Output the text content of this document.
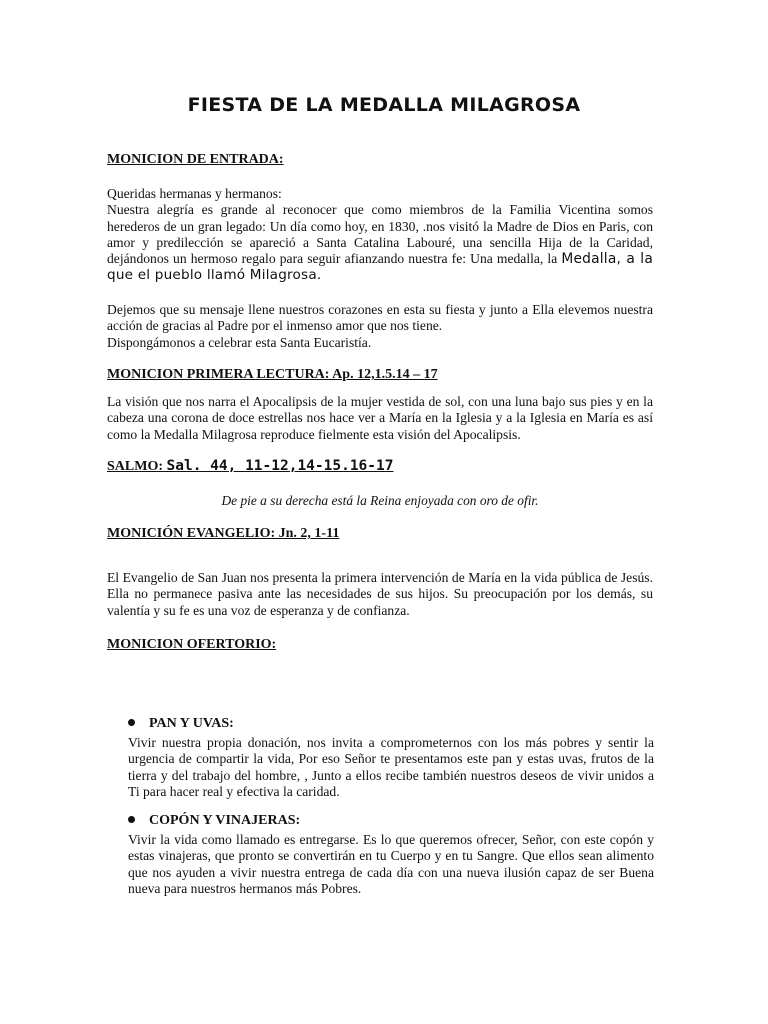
FIESTA DE LA MEDALLA MILAGROSA

MONICION DE ENTRADA:

Queridas hermanas y hermanos:

Nuestra alegría es grande al reconocer que como miembros de la Familia Vicentina somos

herederos de un gran legado: Un día como hoy, en 1830, .nos visitó la Madre de Dios en Paris, con

amor y predilección se apareció a Santa Catalina Labouré, una sencilla Hija de la Caridad,

dejándonos un hermoso regalo para seguir afianzando nuestra fe: Una medalla, la Medalla, a la

que el pueblo llamó Milagrosa.

Dejemos que su mensaje llene nuestros corazones en esta su fiesta y junto a Ella elevemos nuestra

acción de gracias al Padre por el inmenso amor que nos tiene.

Dispongámonos a celebrar esta Santa Eucaristía.

MONICION PRIMERA LECTURA: Ap. 12,1.5.14 – 17

La visión que nos narra el Apocalipsis de la mujer vestida de sol, con una luna bajo sus pies y en la

cabeza una corona de doce estrellas nos hace ver a María en la Iglesia y a la Iglesia en María es así

como la Medalla Milagrosa reproduce fielmente esta visión del Apocalipsis.

SALMO: Sal. 44, 11-12,14-15.16-17

De pie a su derecha está la Reina enjoyada con oro de ofir.

MONICIÓN EVANGELIO: Jn. 2, 1-11

El Evangelio de San Juan nos presenta la primera intervención de María en la vida pública de Jesús.

Ella no permanece pasiva ante las necesidades de sus hijos. Su preocupación por los demás, su

valentía y su fe es una voz de esperanza y de confianza.

MONICION OFERTORIO:

PAN Y UVAS:

Vivir nuestra propia donación, nos invita a comprometernos con los más pobres y sentir la

urgencia de compartir la vida, Por eso Señor te presentamos este pan y estas uvas, frutos de la

tierra y del trabajo del hombre, , Junto a ellos recibe también nuestros deseos de vivir unidos a

Ti para hacer real y efectiva la caridad.

COPÓN Y VINAJERAS:

Vivir la vida como llamado es entregarse. Es lo que queremos ofrecer, Señor, con este copón y

estas vinajeras, que pronto se convertirán en tu Cuerpo y en tu Sangre. Que ellos sean alimento

que nos ayuden a vivir nuestra entrega de cada día con una nueva ilusión capaz de ser Buena

nueva para nuestros hermanos más Pobres.
